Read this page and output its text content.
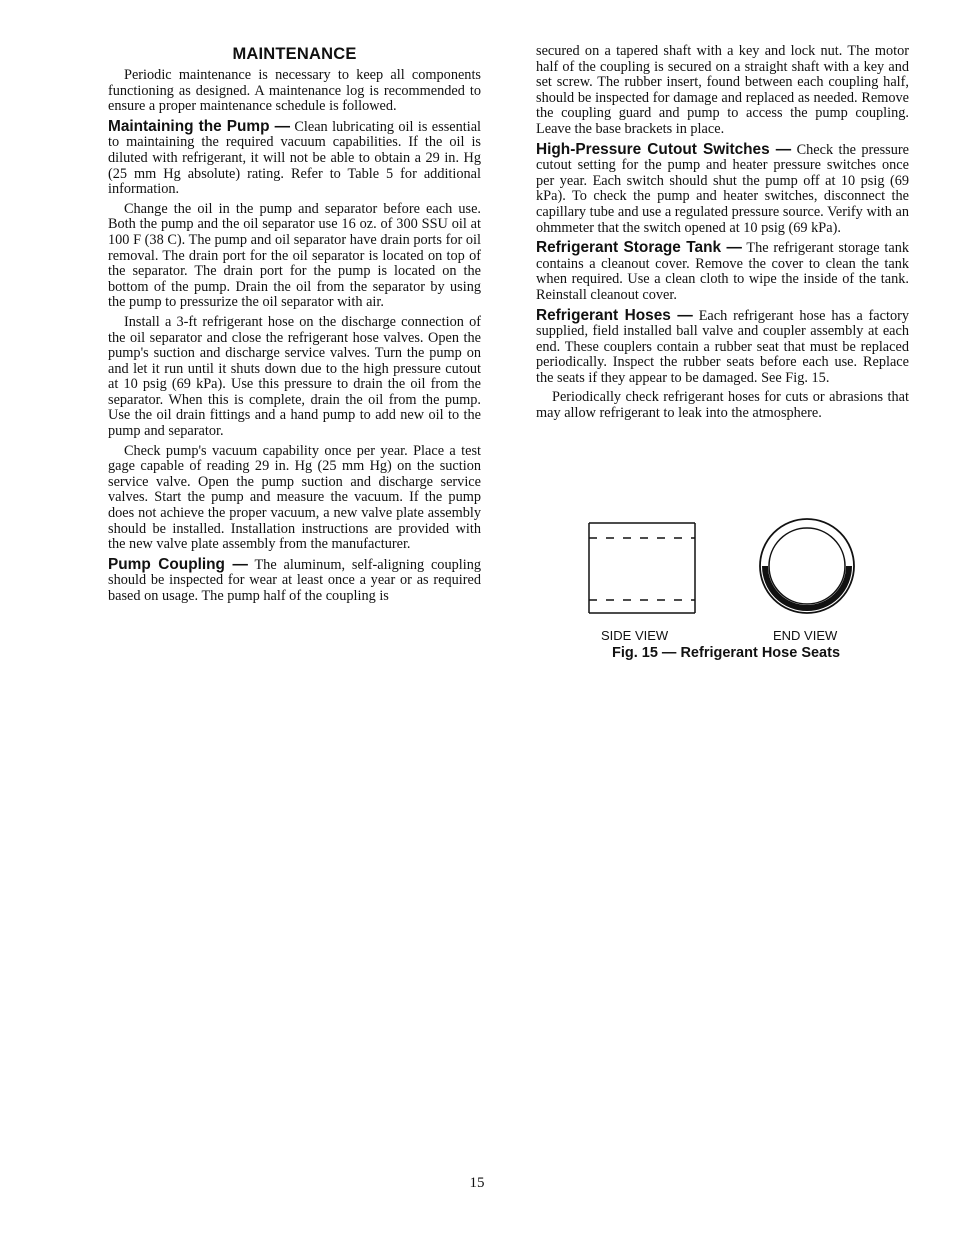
MAINTENANCE

Periodic maintenance is necessary to keep all components functioning as designed. A maintenance log is recommended to ensure a proper maintenance schedule is followed.

Maintaining the Pump — Clean lubricating oil is essential to maintaining the required vacuum capabilities. If the oil is diluted with refrigerant, it will not be able to obtain a 29 in. Hg (25 mm Hg absolute) rating. Refer to Table 5 for additional information.

Change the oil in the pump and separator before each use. Both the pump and the oil separator use 16 oz. of 300 SSU oil at 100 F (38 C). The pump and oil separator have drain ports for oil removal. The drain port for the oil separator is located on top of the separator. The drain port for the pump is located on the bottom of the pump. Drain the oil from the separator by using the pump to pressurize the oil separator with air.

Install a 3-ft refrigerant hose on the discharge connection of the oil separator and close the refrigerant hose valves. Open the pump's suction and discharge service valves. Turn the pump on and let it run until it shuts down due to the high pressure cutout at 10 psig (69 kPa). Use this pressure to drain the oil from the separator. When this is complete, drain the oil from the pump. Use the oil drain fittings and a hand pump to add new oil to the pump and separator.

Check pump's vacuum capability once per year. Place a test gage capable of reading 29 in. Hg (25 mm Hg) on the suction service valve. Open the pump suction and discharge service valves. Start the pump and measure the vacuum. If the pump does not achieve the proper vacuum, a new valve plate assembly should be installed. Installation instructions are provided with the new valve plate assembly from the manufacturer.

Pump Coupling — The aluminum, self-aligning coupling should be inspected for wear at least once a year or as required based on usage. The pump half of the coupling is

secured on a tapered shaft with a key and lock nut. The motor half of the coupling is secured on a straight shaft with a key and set screw. The rubber insert, found between each coupling half, should be inspected for damage and replaced as needed. Remove the coupling guard and pump to access the pump coupling. Leave the base brackets in place.

High-Pressure Cutout Switches — Check the pressure cutout setting for the pump and heater pressure switches once per year. Each switch should shut the pump off at 10 psig (69 kPa). To check the pump and heater switches, disconnect the capillary tube and use a regulated pressure source. Verify with an ohmmeter that the switch opened at 10 psig (69 kPa).

Refrigerant Storage Tank — The refrigerant storage tank contains a cleanout cover. Remove the cover to clean the tank when required. Use a clean cloth to wipe the inside of the tank. Reinstall cleanout cover.

Refrigerant Hoses — Each refrigerant hose has a factory supplied, field installed ball valve and coupler assembly at each end. These couplers contain a rubber seat that must be replaced periodically. Inspect the rubber seats before each use. Replace the seats if they appear to be damaged. See Fig. 15.

Periodically check refrigerant hoses for cuts or abrasions that may allow refrigerant to leak into the atmosphere.

SIDE VIEW	END VIEW
Fig. 15 — Refrigerant Hose Seats
15
